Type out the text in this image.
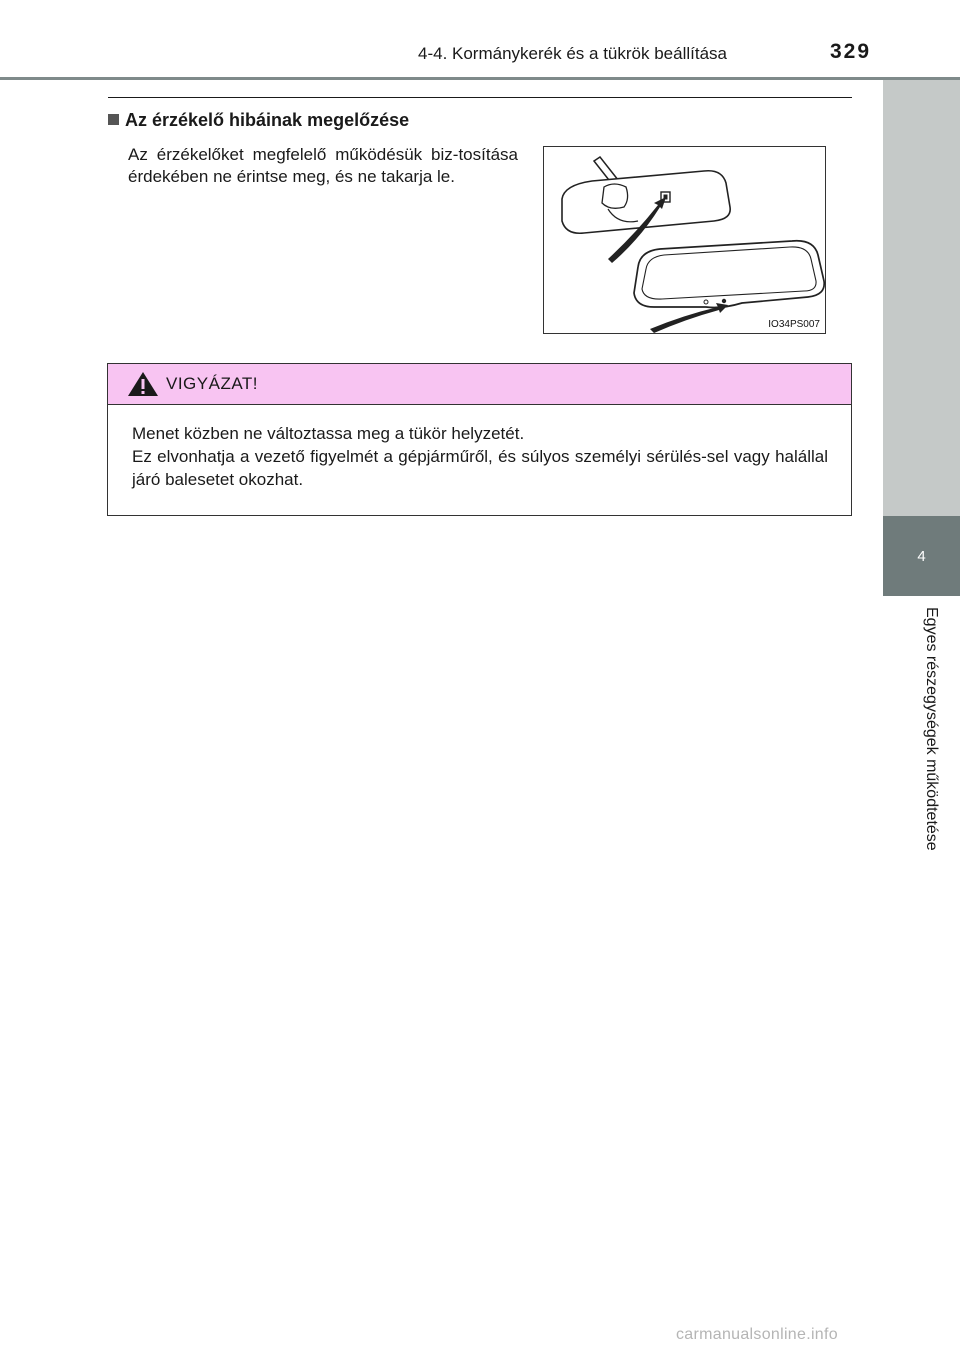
4-4. Kormánykerék és a tükrök beállítása	329
4
Egyes részegységek működtetése
Az érzékelő hibáinak megelőzése
Az érzékelőket megfelelő működésük biz-tosítása érdekében ne érintse meg, és ne takarja le.
IO34PS007
VIGYÁZAT!

Menet közben ne változtassa meg a tükör helyzetét.

Ez elvonhatja a vezető figyelmét a gépjárműről, és súlyos személyi sérülés-sel vagy halállal járó balesetet okozhat.

carmanualsonline.info
